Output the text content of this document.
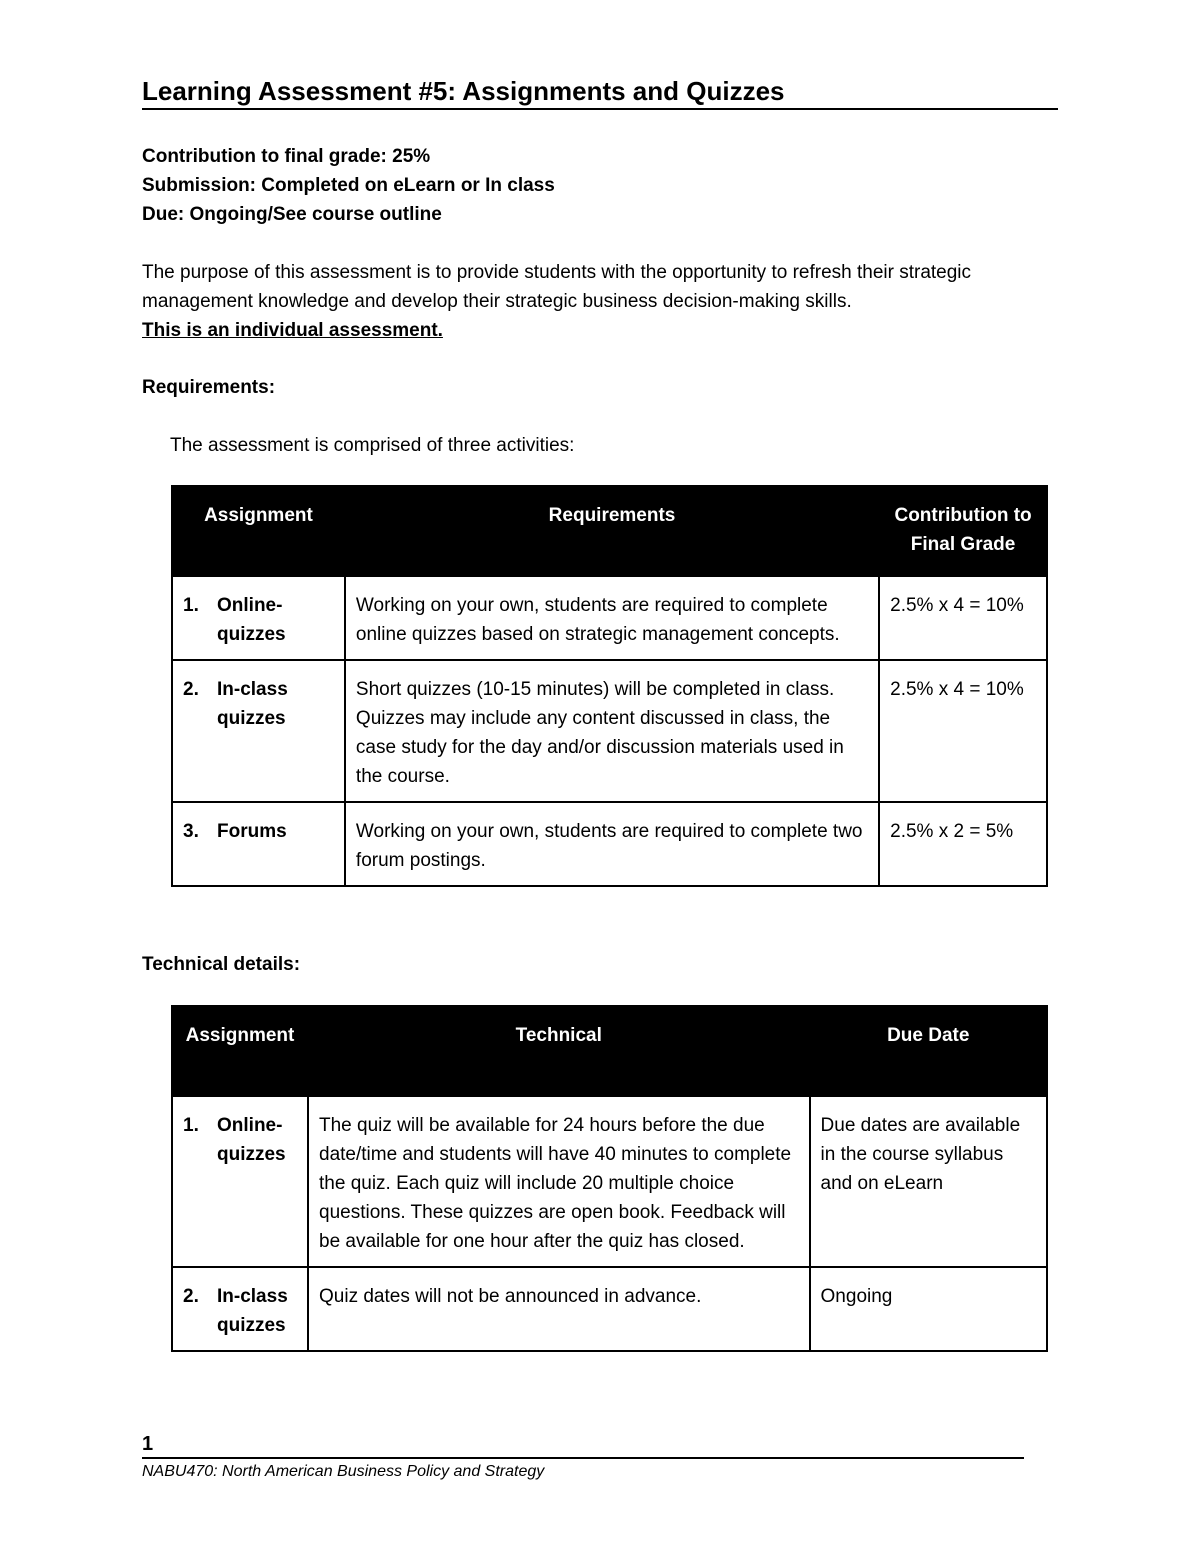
Learning Assessment #5: Assignments and Quizzes
Contribution to final grade: 25%
Submission: Completed on eLearn or In class
Due: Ongoing/See course outline
The purpose of this assessment is to provide students with the opportunity to refresh their strategic management knowledge and develop their strategic business decision-making skills.
This is an individual assessment.
Requirements:
The assessment is comprised of three activities:
Assignment	Requirements	Contribution to Final Grade

1. Online-quizzes	Working on your own, students are required to complete online quizzes based on strategic management concepts.	2.5% x 4 = 10%

2. In-class quizzes	Short quizzes (10-15 minutes) will be completed in class. Quizzes may include any content discussed in class, the case study for the day and/or discussion materials used in the course.	2.5% x 4 = 10%

3. Forums	Working on your own, students are required to complete two forum postings.	2.5% x 2 = 5%
Technical details:
Assignment	Technical	Due Date

1. Online-quizzes	The quiz will be available for 24 hours before the due date/time and students will have 40 minutes to complete the quiz. Each quiz will include 20 multiple choice questions. These quizzes are open book. Feedback will be available for one hour after the quiz has closed.	Due dates are available in the course syllabus and on eLearn

2. In-class quizzes	Quiz dates will not be announced in advance.	Ongoing
1
NABU470: North American Business Policy and Strategy
